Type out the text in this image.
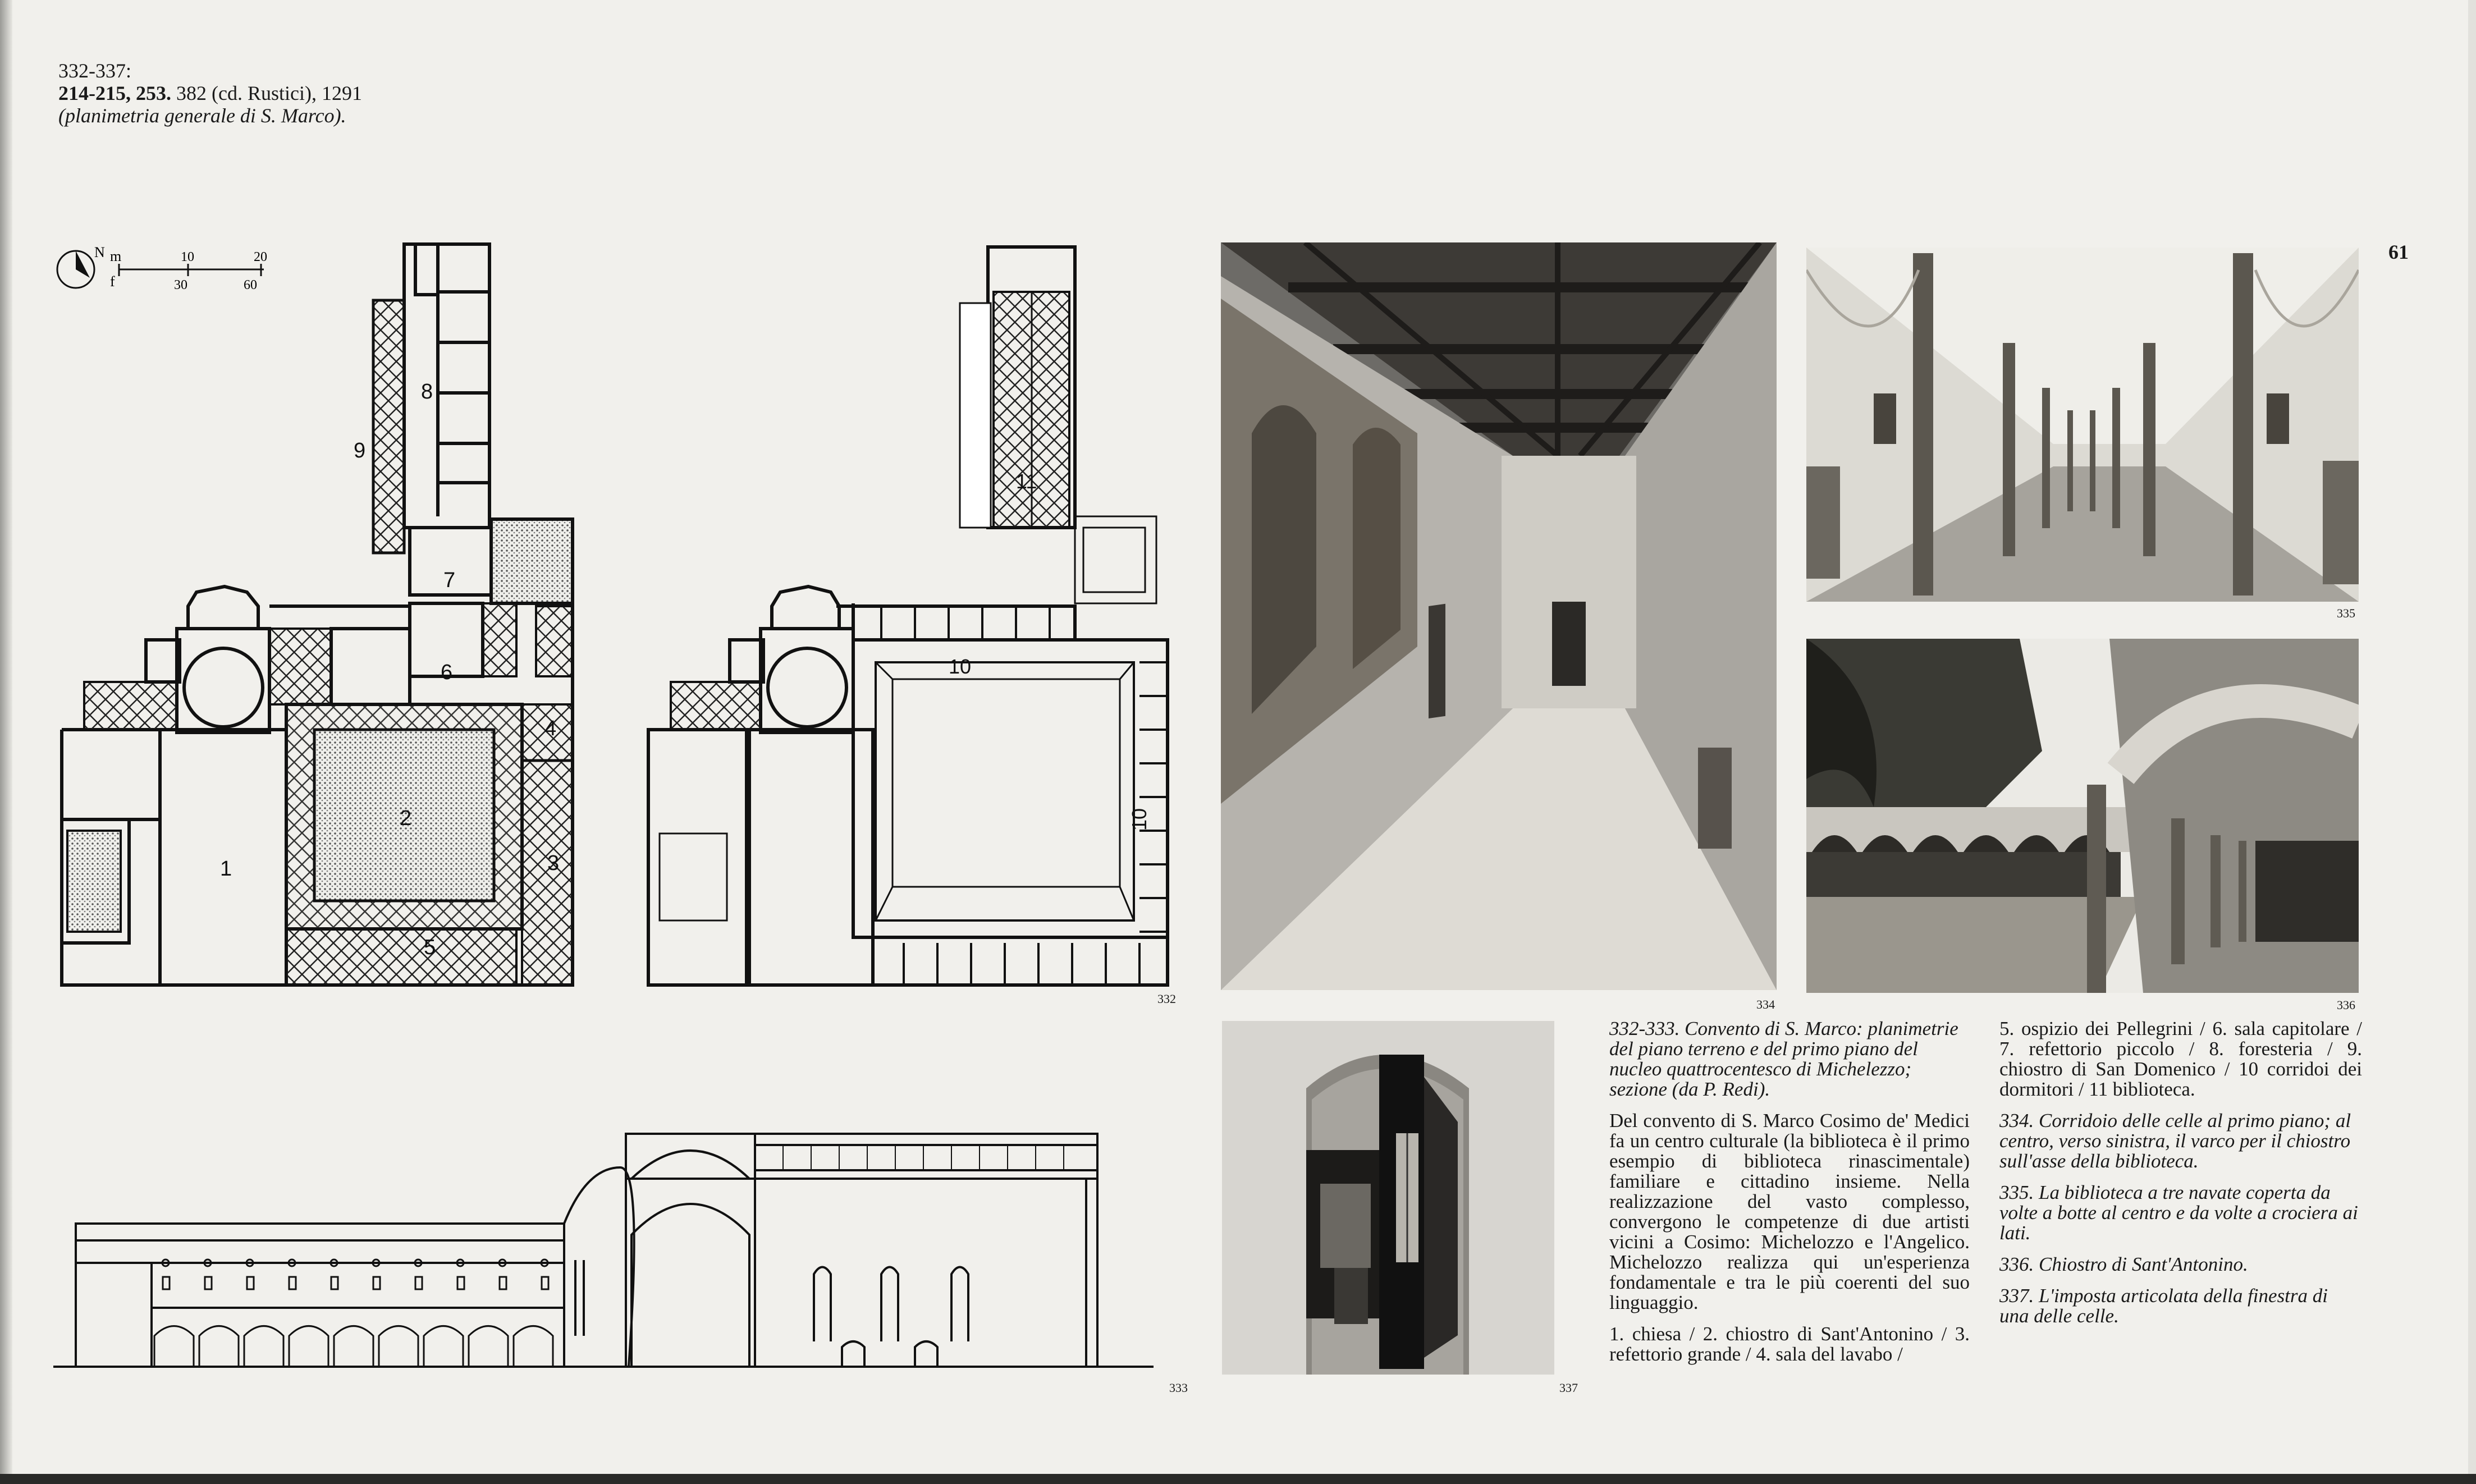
332-337:
214-215, 253. 382 (cd. Rustici), 1291
(planimetria generale di S. Marco).
61
N m
f
10	20
30	60
1
2
3
4
5
6
7
8
9
10
10
11
332
333
334
335
336
337
332-333. Convento di S. Marco: planimetrie del piano terreno e del primo piano del nucleo quattrocentesco di Michelezzo; sezione (da P. Redi).

Del convento di S. Marco Cosimo de' Medici fa un centro culturale (la biblioteca è il primo esempio di biblioteca rinascimentale) familiare e cittadino insieme. Nella realizzazione del vasto complesso, convergono le competenze di due artisti vicini a Cosimo: Michelozzo e l'Angelico. Michelozzo realizza qui un'esperienza fondamentale e tra le più coerenti del suo linguaggio.

1. chiesa / 2. chiostro di Sant'Antonino / 3. refettorio grande / 4. sala del lavabo /

5. ospizio dei Pellegrini / 6. sala capitolare / 7. refettorio piccolo / 8. foresteria / 9. chiostro di San Domenico / 10 corridoi dei dormitori / 11 biblioteca.

334. Corridoio delle celle al primo piano; al centro, verso sinistra, il varco per il chiostro sull'asse della biblioteca.
335. La biblioteca a tre navate coperta da volte a botte al centro e da volte a crociera ai lati.
336. Chiostro di Sant'Antonino.
337. L'imposta articolata della finestra di una delle celle.
